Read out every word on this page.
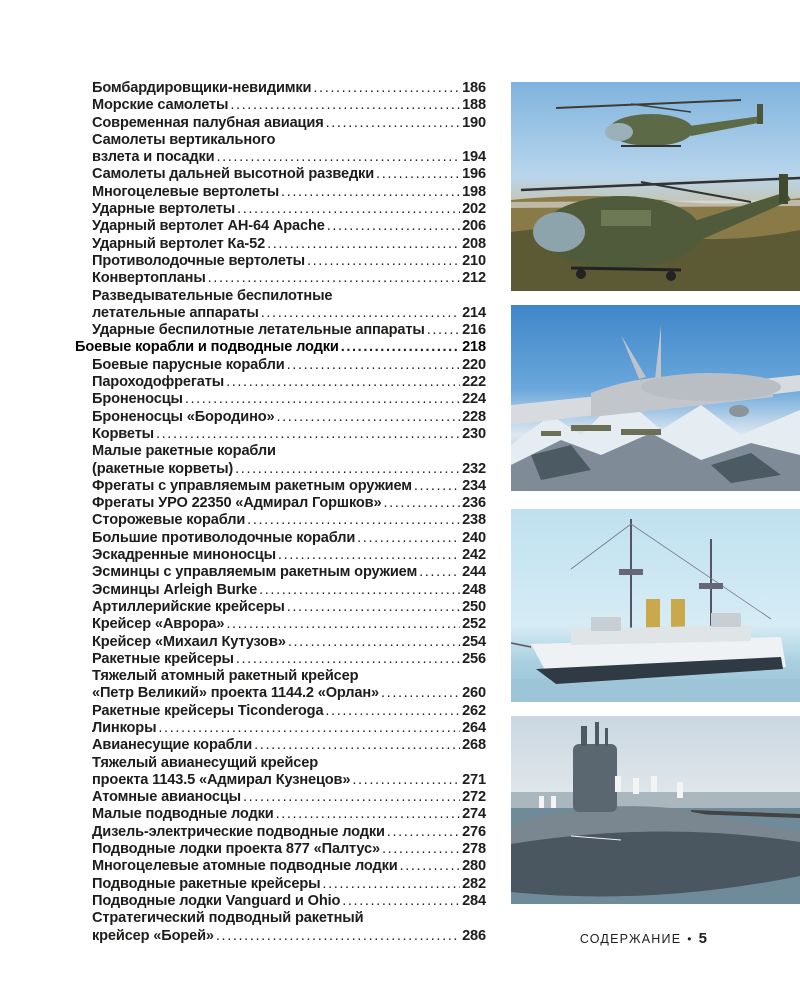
Бомбардировщики-невидимки .....	186
Морские самолеты .....	188
Современная палубная авиация .....	190
Самолеты вертикального
взлета и посадки .....	194
Самолеты дальней высотной разведки .....	196
Многоцелевые вертолеты .....	198
Ударные вертолеты .....	202
Ударный вертолет АН-64 Apache .....	206
Ударный вертолет Ка-52 .....	208
Противолодочные вертолеты .....	210
Конвертопланы .....	212
Разведывательные беспилотные
летательные аппараты .....	214
Ударные беспилотные летательные аппараты .....	216
Боевые корабли и подводные лодки .....	218
Боевые парусные корабли .....	220
Пароходофрегаты .....	222
Броненосцы .....	224
Броненосцы «Бородино» .....	228
Корветы .....	230
Малые ракетные корабли
(ракетные корветы) .....	232
Фрегаты с управляемым ракетным оружием .....	234
Фрегаты УРО 22350 «Адмирал Горшков» .....	236
Сторожевые корабли .....	238
Большие противолодочные корабли .....	240
Эскадренные миноносцы .....	242
Эсминцы с управляемым ракетным оружием .....	244
Эсминцы Arleigh Burke .....	248
Артиллерийские крейсеры .....	250
Крейсер «Аврора» .....	252
Крейсер «Михаил Кутузов» .....	254
Ракетные крейсеры .....	256
Тяжелый атомный ракетный крейсер
«Петр Великий» проекта 1144.2 «Орлан» .....	260
Ракетные крейсеры Ticonderoga .....	262
Линкоры .....	264
Авианесущие корабли .....	268
Тяжелый авианесущий крейсер
проекта 1143.5 «Адмирал Кузнецов» .....	271
Атомные авианосцы .....	272
Малые подводные лодки .....	274
Дизель-электрические подводные лодки .....	276
Подводные лодки проекта 877 «Палтус» .....	278
Многоцелевые атомные подводные лодки .....	280
Подводные ракетные крейсеры .....	282
Подводные лодки Vanguard и Ohio .....	284
Стратегический подводный ракетный
крейсер «Борей» .....	286	СОДЕРЖАНИЕ • 5
